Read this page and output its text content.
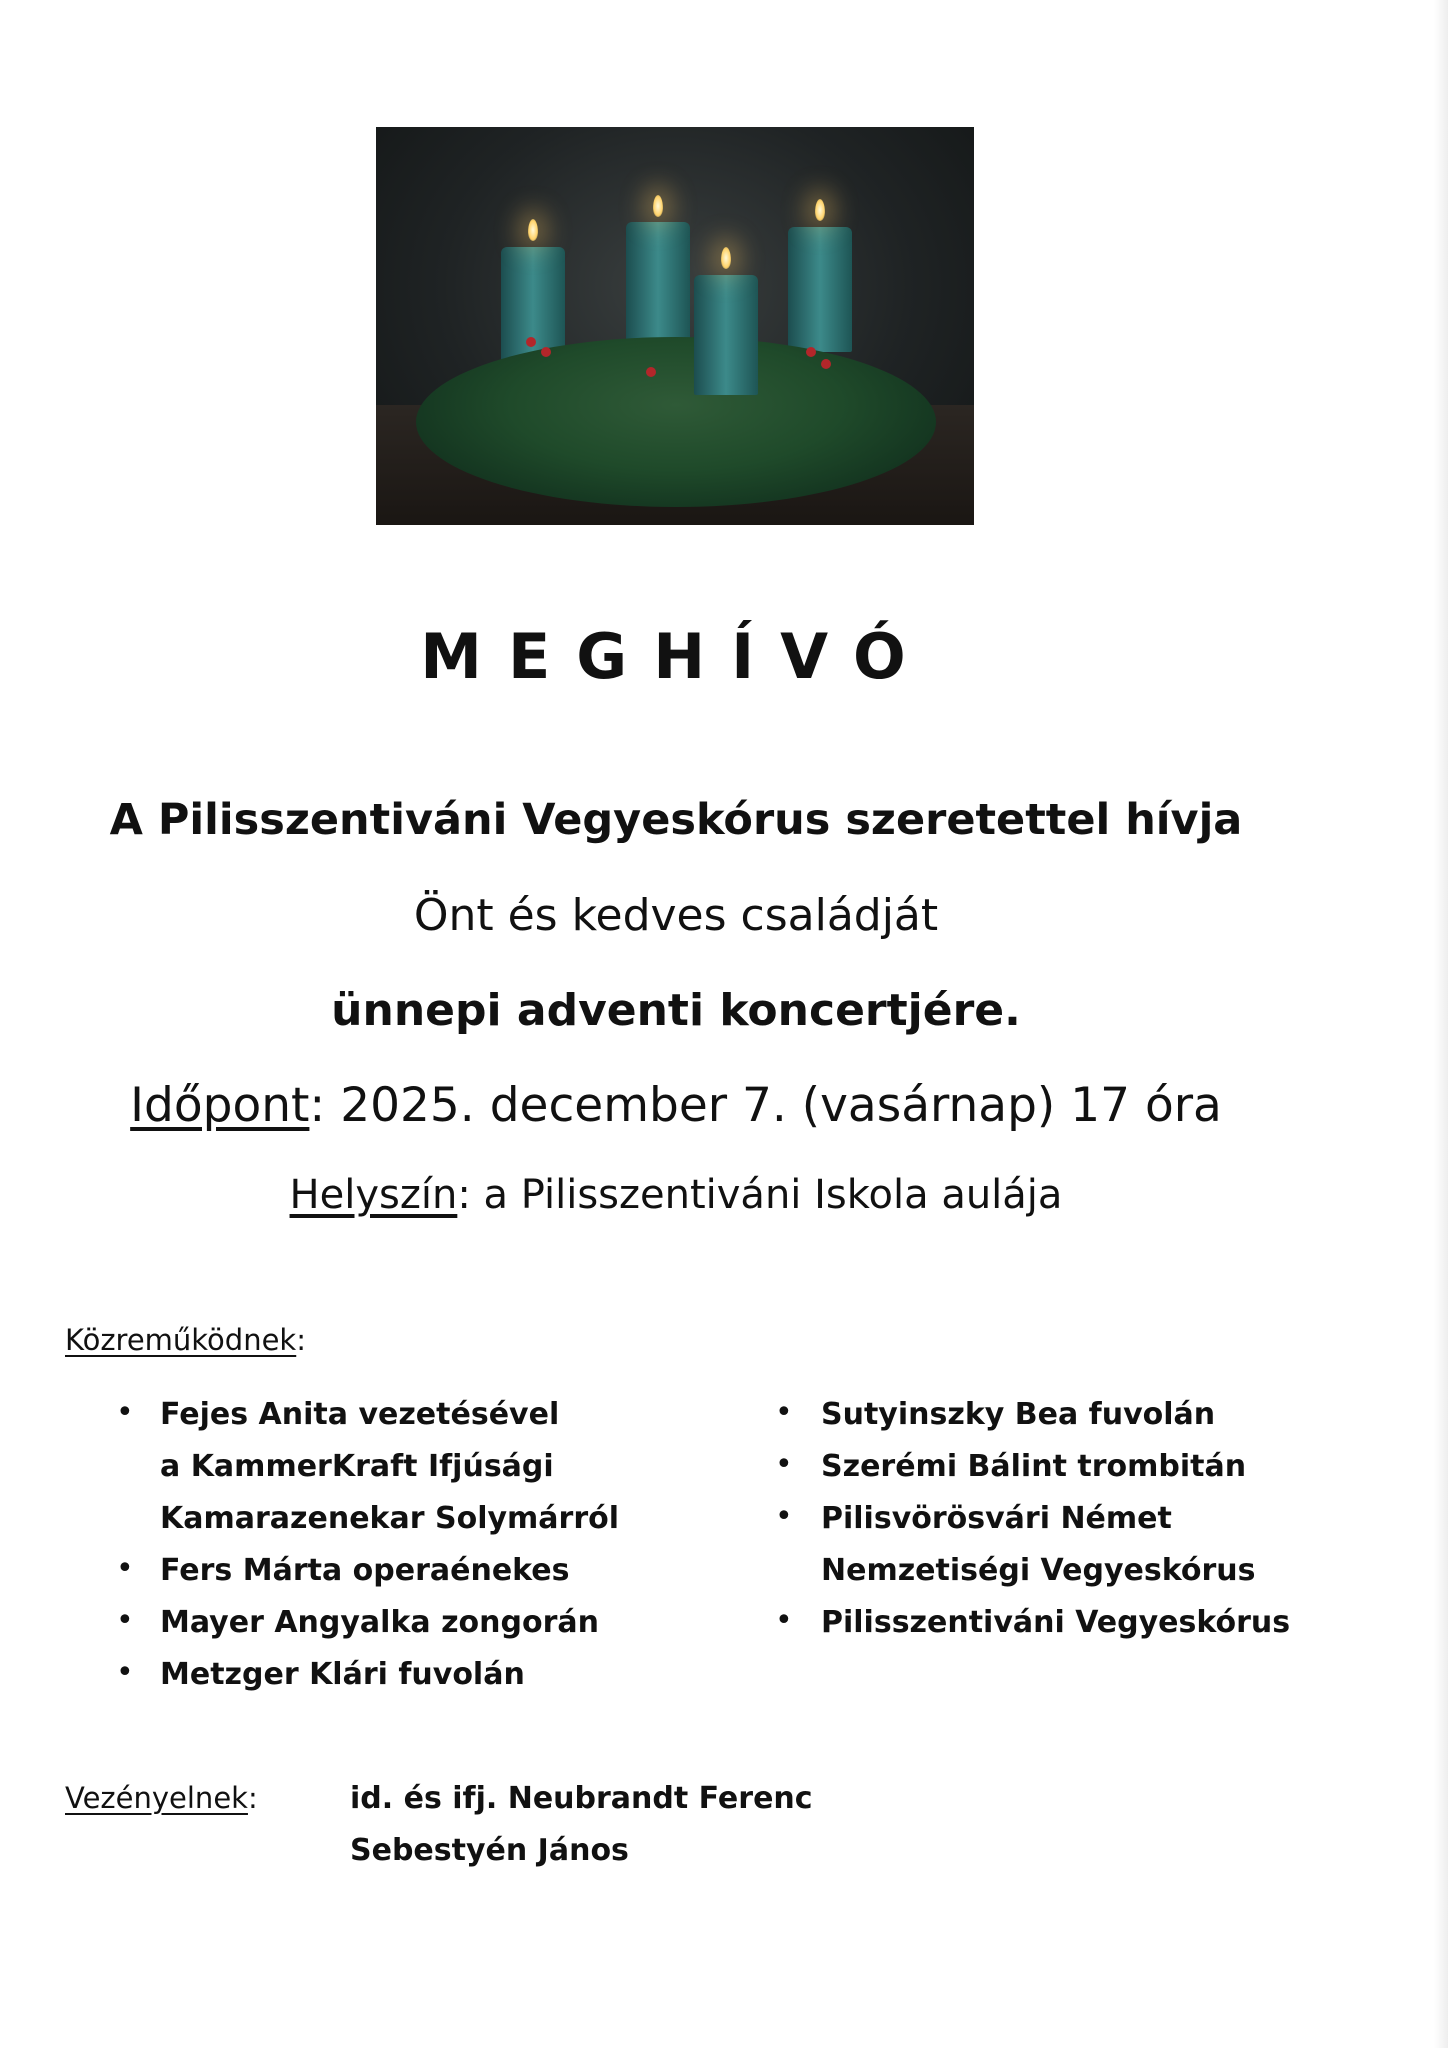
MEGHÍVÓ
A Pilisszentiváni Vegyeskórus szeretettel hívja
Önt és kedves családját
ünnepi adventi koncertjére.
Időpont: 2025. december 7. (vasárnap) 17 óra
Helyszín: a Pilisszentiváni Iskola aulája
Közreműködnek:
• Fejes Anita vezetésével
a KammerKraft Ifjúsági
Kamarazenekar Solymárról
• Fers Márta operaénekes
• Mayer Angyalka zongorán
• Metzger Klári fuvolán
• Sutyinszky Bea fuvolán
• Szerémi Bálint trombitán
• Pilisvörösvári Német
Nemzetiségi Vegyeskórus
• Pilisszentiváni Vegyeskórus
Vezényelnek:	id. és ifj. Neubrandt Ferenc
Sebestyén János
